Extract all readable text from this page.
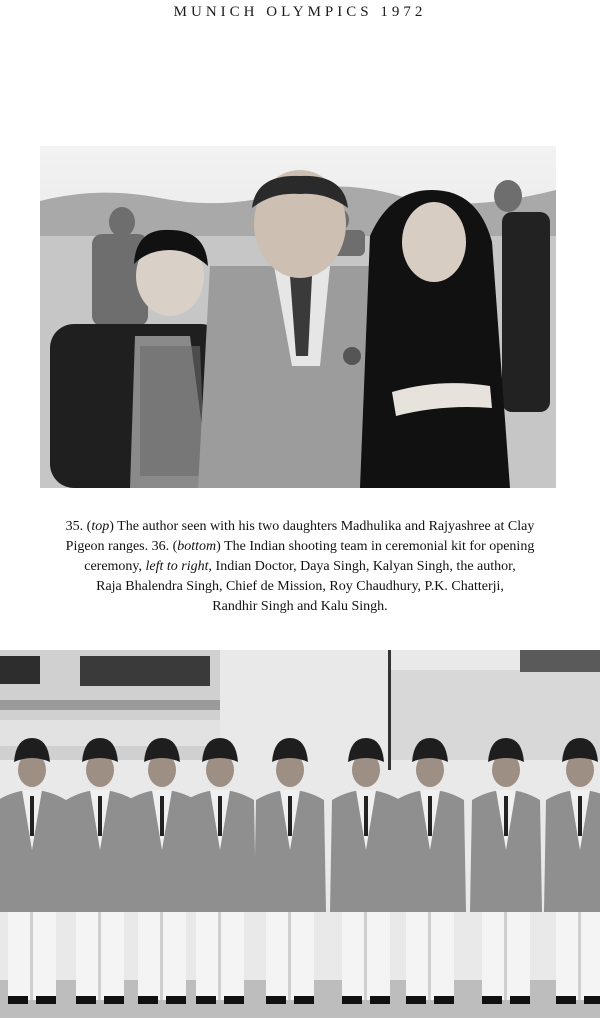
MUNICH OLYMPICS 1972
35. (top) The author seen with his two daughters Madhulika and Rajyashree at Clay
Pigeon ranges. 36. (bottom) The Indian shooting team in ceremonial kit for opening
ceremony, left to right, Indian Doctor, Daya Singh, Kalyan Singh, the author,
Raja Bhalendra Singh, Chief de Mission, Roy Chaudhury, P.K. Chatterji,
Randhir Singh and Kalu Singh.
